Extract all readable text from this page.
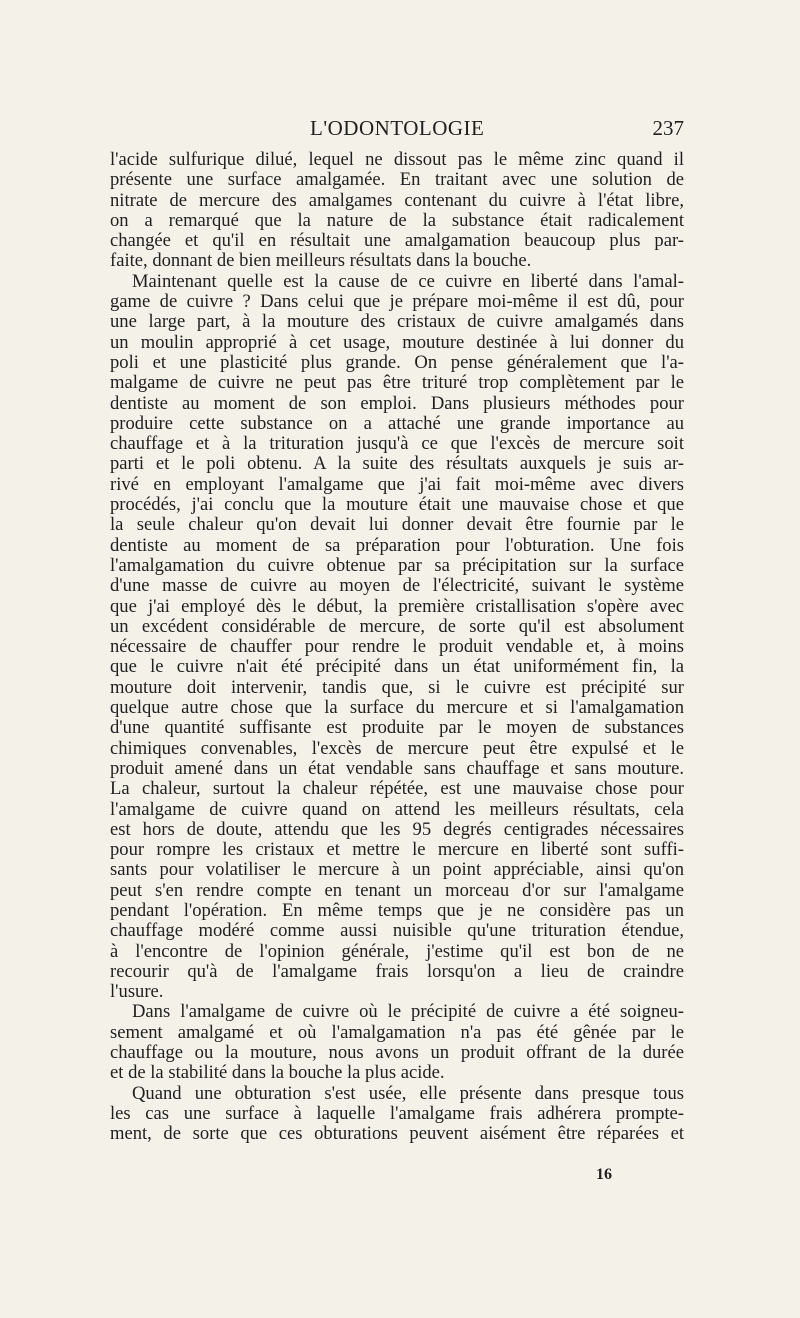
L'ODONTOLOGIE	237
l'acide sulfurique dilué, lequel ne dissout pas le même zinc quand il
présente une surface amalgamée. En traitant avec une solution de
nitrate de mercure des amalgames contenant du cuivre à l'état libre,
on a remarqué que la nature de la substance était radicalement
changée et qu'il en résultait une amalgamation beaucoup plus par-
faite, donnant de bien meilleurs résultats dans la bouche.
Maintenant quelle est la cause de ce cuivre en liberté dans l'amal-
game de cuivre ? Dans celui que je prépare moi-même il est dû, pour
une large part, à la mouture des cristaux de cuivre amalgamés dans
un moulin approprié à cet usage, mouture destinée à lui donner du
poli et une plasticité plus grande. On pense généralement que l'a-
malgame de cuivre ne peut pas être trituré trop complètement par le
dentiste au moment de son emploi. Dans plusieurs méthodes pour
produire cette substance on a attaché une grande importance au
chauffage et à la trituration jusqu'à ce que l'excès de mercure soit
parti et le poli obtenu. A la suite des résultats auxquels je suis ar-
rivé en employant l'amalgame que j'ai fait moi-même avec divers
procédés, j'ai conclu que la mouture était une mauvaise chose et que
la seule chaleur qu'on devait lui donner devait être fournie par le
dentiste au moment de sa préparation pour l'obturation. Une fois
l'amalgamation du cuivre obtenue par sa précipitation sur la surface
d'une masse de cuivre au moyen de l'électricité, suivant le système
que j'ai employé dès le début, la première cristallisation s'opère avec
un excédent considérable de mercure, de sorte qu'il est absolument
nécessaire de chauffer pour rendre le produit vendable et, à moins
que le cuivre n'ait été précipité dans un état uniformément fin, la
mouture doit intervenir, tandis que, si le cuivre est précipité sur
quelque autre chose que la surface du mercure et si l'amalgamation
d'une quantité suffisante est produite par le moyen de substances
chimiques convenables, l'excès de mercure peut être expulsé et le
produit amené dans un état vendable sans chauffage et sans mouture.
La chaleur, surtout la chaleur répétée, est une mauvaise chose pour
l'amalgame de cuivre quand on attend les meilleurs résultats, cela
est hors de doute, attendu que les 95 degrés centigrades nécessaires
pour rompre les cristaux et mettre le mercure en liberté sont suffi-
sants pour volatiliser le mercure à un point appréciable, ainsi qu'on
peut s'en rendre compte en tenant un morceau d'or sur l'amalgame
pendant l'opération. En même temps que je ne considère pas un
chauffage modéré comme aussi nuisible qu'une trituration étendue,
à l'encontre de l'opinion générale, j'estime qu'il est bon de ne
recourir qu'à de l'amalgame frais lorsqu'on a lieu de craindre
l'usure.
Dans l'amalgame de cuivre où le précipité de cuivre a été soigneu-
sement amalgamé et où l'amalgamation n'a pas été gênée par le
chauffage ou la mouture, nous avons un produit offrant de la durée
et de la stabilité dans la bouche la plus acide.
Quand une obturation s'est usée, elle présente dans presque tous
les cas une surface à laquelle l'amalgame frais adhérera prompte-
ment, de sorte que ces obturations peuvent aisément être réparées et
16
